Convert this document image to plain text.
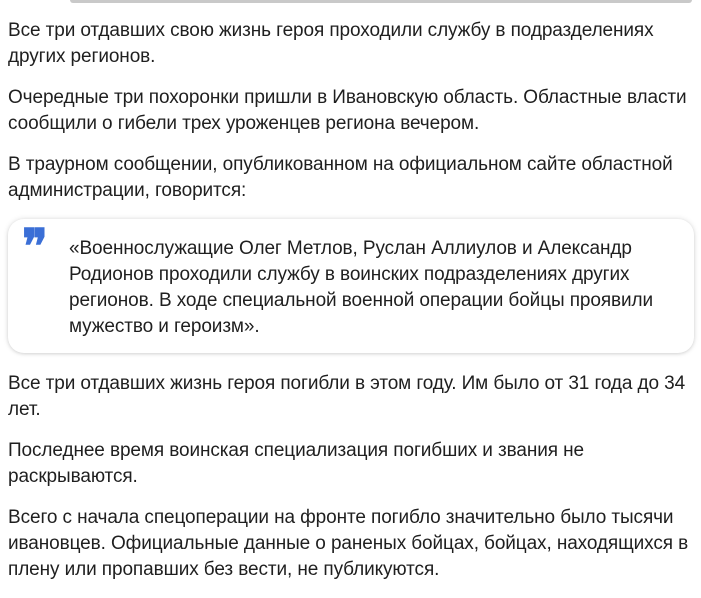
Все три отдавших свою жизнь героя проходили службу в подразделениях других регионов.

Очередные три похоронки пришли в Ивановскую область. Областные власти сообщили о гибели трех уроженцев региона вечером.

В траурном сообщении, опубликованном на официальном сайте областной администрации, говорится:

❞ «Военнослужащие Олег Метлов, Руслан Аллиулов и Александр Родионов проходили службу в воинских подразделениях других регионов. В ходе специальной военной операции бойцы проявили мужество и героизм».

Все три отдавших жизнь героя погибли в этом году. Им было от 31 года до 34 лет.

Последнее время воинская специализация погибших и звания не раскрываются.

Всего с начала спецоперации на фронте погибло значительно было тысячи ивановцев. Официальные данные о раненых бойцах, бойцах, находящихся в плену или пропавших без вести, не публикуются.
